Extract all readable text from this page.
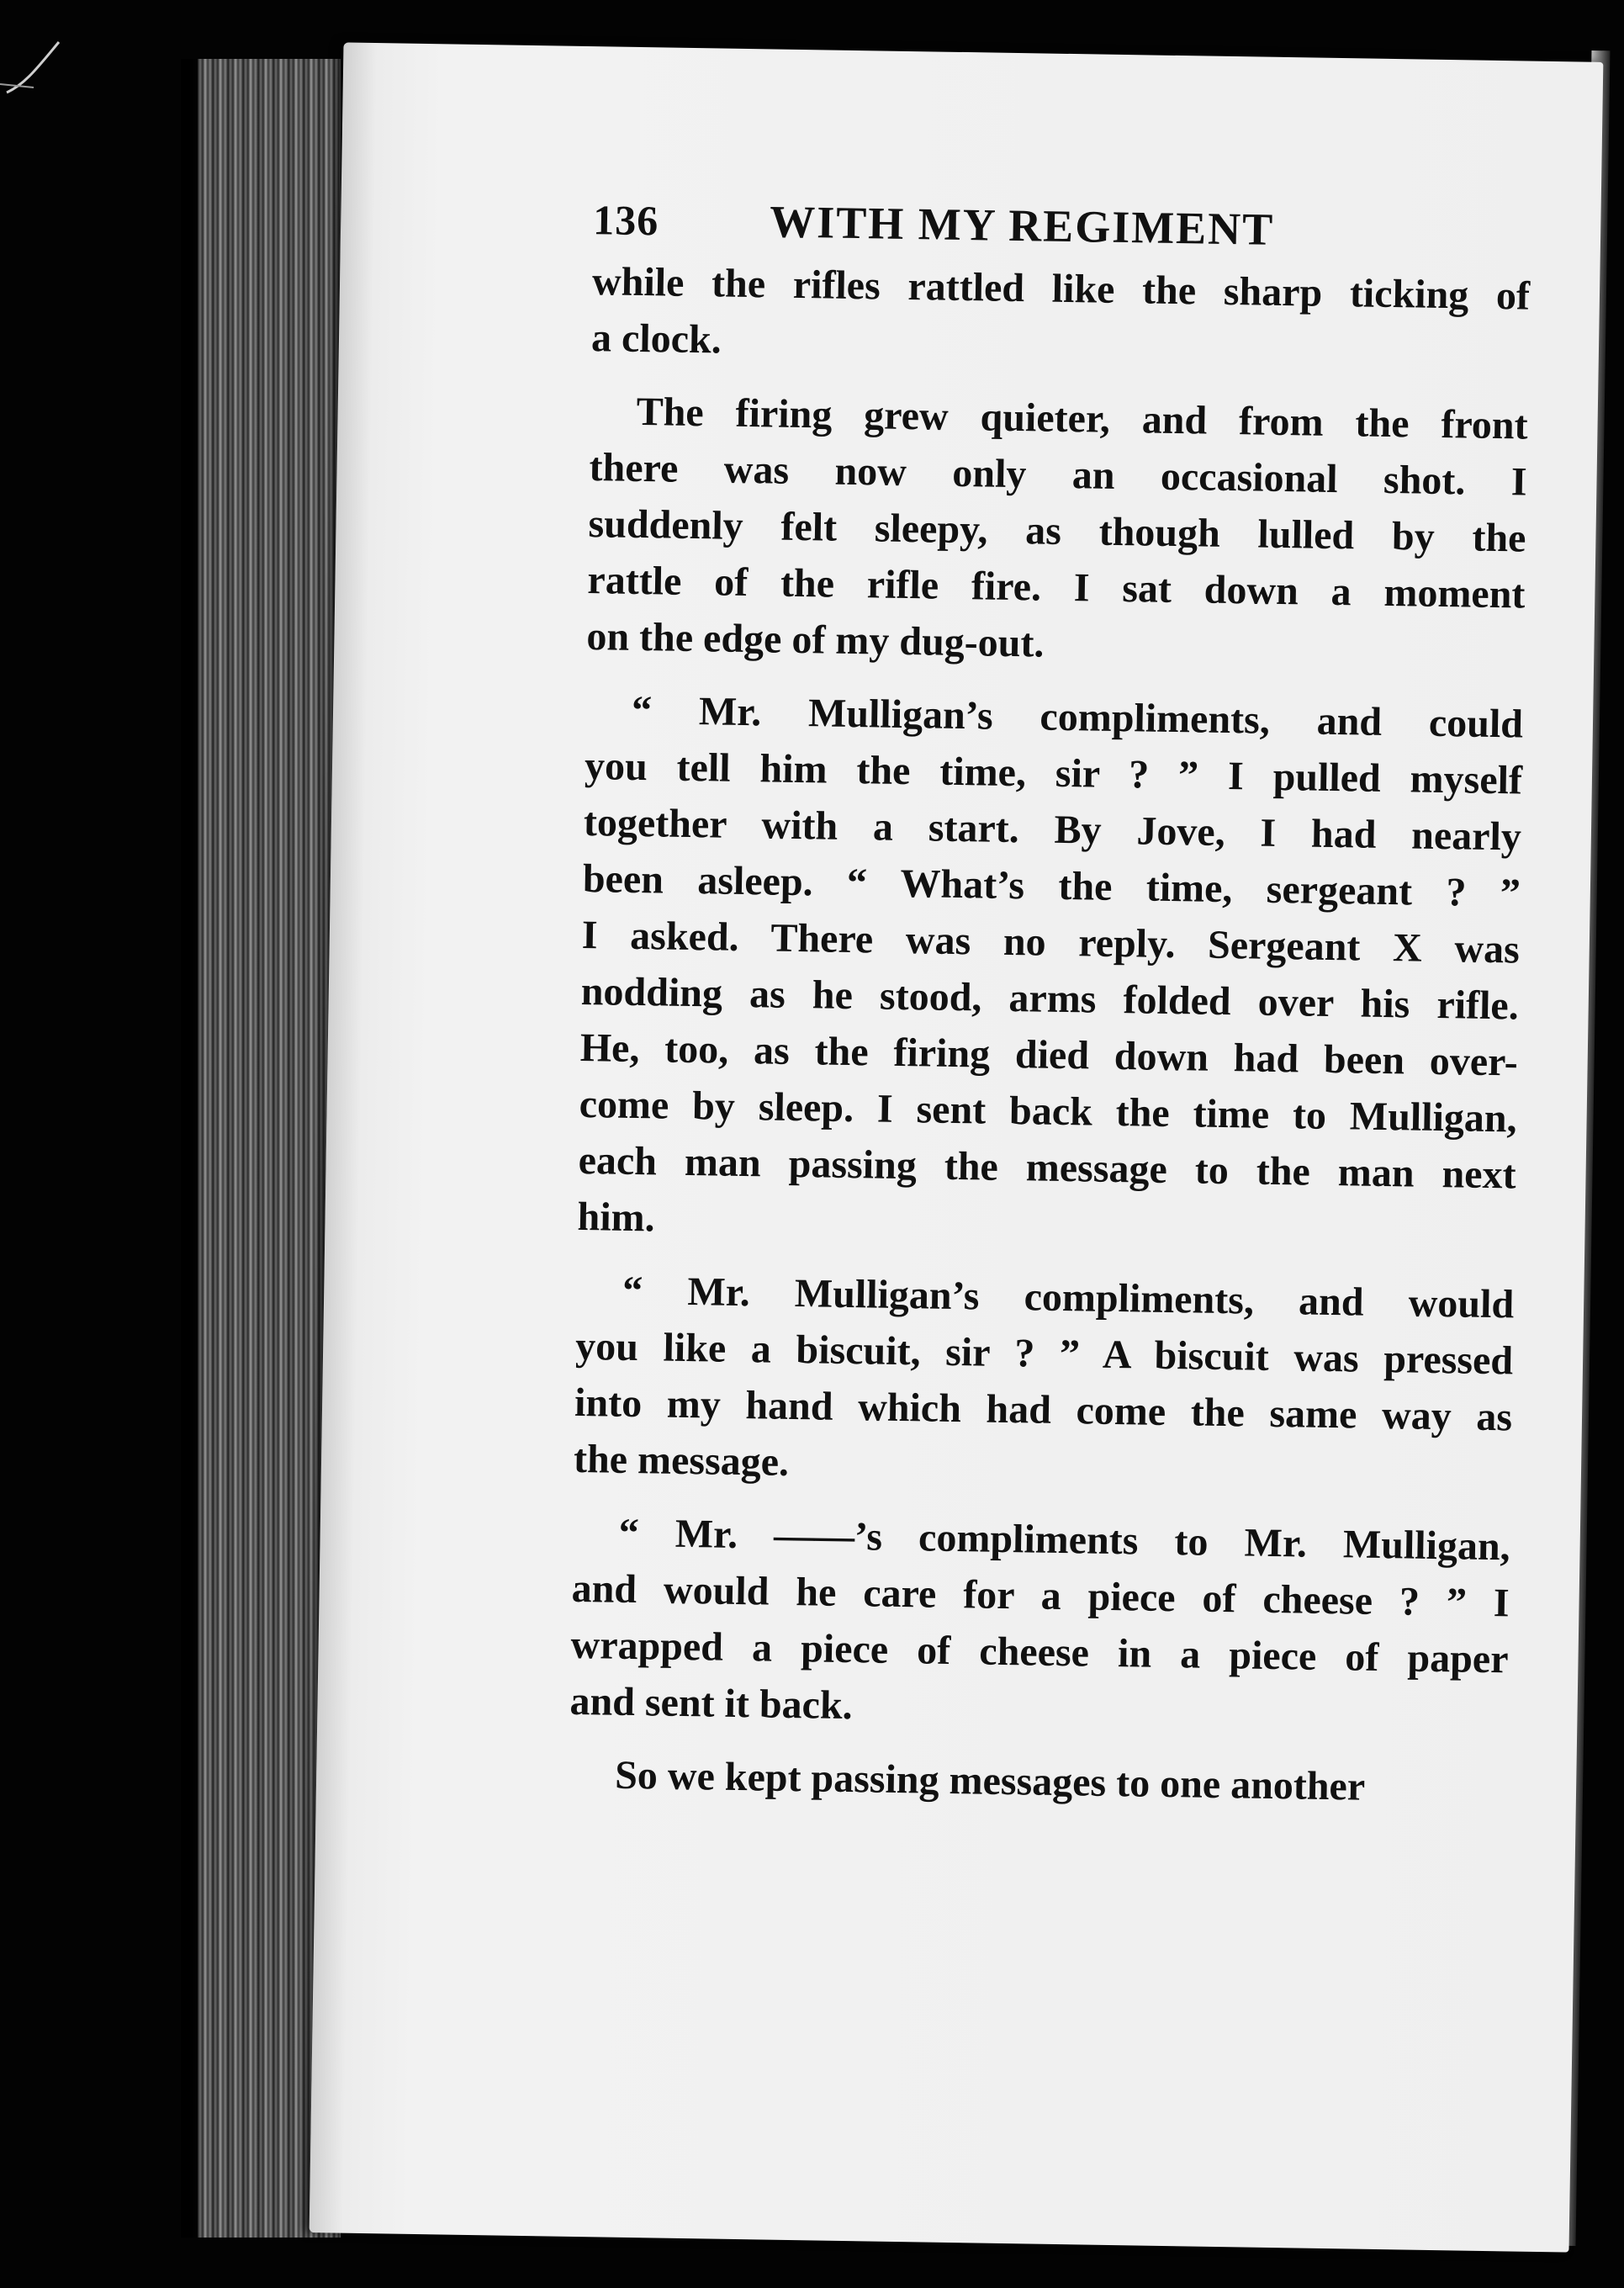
136	WITH MY REGIMENT
while the rifles rattled like the sharp ticking of
a clock.
The firing grew quieter, and from the front
there was now only an occasional shot. I
suddenly felt sleepy, as though lulled by the
rattle of the rifle fire. I sat down a moment
on the edge of my dug-out.
“ Mr. Mulligan’s compliments, and could
you tell him the time, sir ? ” I pulled myself
together with a start. By Jove, I had nearly
been asleep. “ What’s the time, sergeant ? ”
I asked. There was no reply. Sergeant X was
nodding as he stood, arms folded over his rifle.
He, too, as the firing died down had been over-
come by sleep. I sent back the time to Mulligan,
each man passing the message to the man next
him.
“ Mr. Mulligan’s compliments, and would
you like a biscuit, sir ? ” A biscuit was pressed
into my hand which had come the same way as
the message.
“ Mr. ——’s compliments to Mr. Mulligan,
and would he care for a piece of cheese ? ” I
wrapped a piece of cheese in a piece of paper
and sent it back.
So we kept passing messages to one another
